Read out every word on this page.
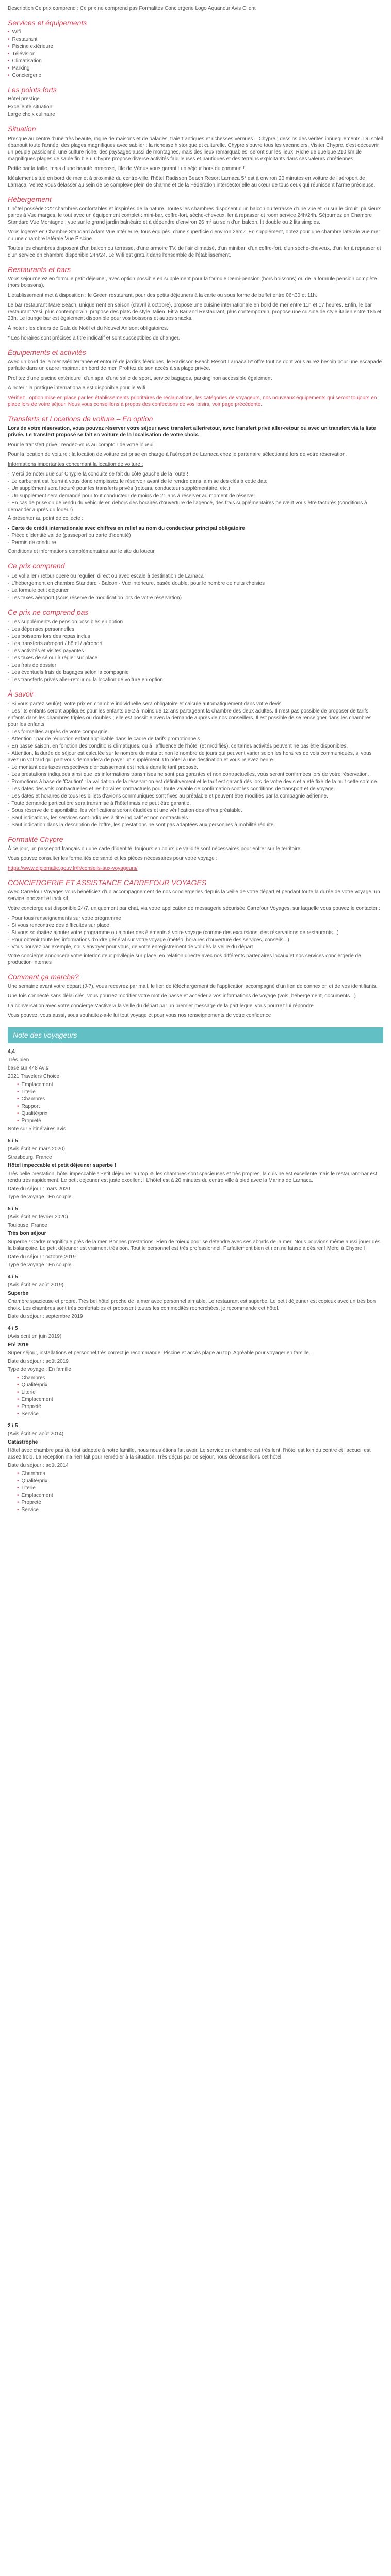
Description Ce prix comprend : Ce prix ne comprend pas Formalités Conciergerie Logo Aquaneur Avis Client

Services et équipements
• Wifi
• Restaurant
• Piscine extérieure
• Télévision
• Climatisation
• Parking
• Conciergerie
Les points forts

Hôtel prestige

Excellente situation

Large choix culinaire

Situation

Presque au centre d'une très beauté, rogne de maisons et de balades, traiert antiques et richesses vernues – Chypre ; dessins des vérités innuequements. Du soleil épanouit toute l'année, des plages magnifiques avec sablier : la richesse historique et culturelle. Chypre s'ouvre tous les vacanciers. Visiter Chypre, c'est découvrir un peuple passionné, une culture riche, des paysages aussi de montagnes, mais des lieux remarquables, seront sur les lieux. Riche de quelque 210 km de magnifiques plages de sable fin bleu, Chypre propose diverse activités fabuleuses et nautiques et des terrains exploitants dans ses valeurs chrétiennes.

Petite par la taille, mais d'une beauté immense, l'île de Vénus vous garantit un séjour hors du commun !

Idéalement situé en bord de mer et à proximité du centre-ville, l'hôtel Radisson Beach Resort Larnaca 5* est à environ 20 minutes en voiture de l'aéroport de Larnaca. Venez vous délasser au sein de ce complexe plein de charme et de la Fédération intersectorielle au cœur de tous ceux qui réunissent l'arme précieuse.

Hébergement

L'hôtel possède 222 chambres confortables et inspirées de la nature. Toutes les chambres disposent d'un balcon ou terrasse d'une vue et 7u sur le circuit, plusieurs paires à Vue marges, le tout avec un équipement complet : mini-bar, coffre-fort, sèche-cheveux, fer à repasser et room service 24h/24h. Séjournez en Chambre Standard Vue Montagne ; vue sur le grand jardin balnéaire et à dépendre d'environ 26 m² au sein d'un balcon, lit double ou 2 lits simples.

Vous logerez en Chambre Standard Adam Vue Intérieure, tous équipés, d'une superficie d'environ 26m2. En supplément, optez pour une chambre latérale vue mer ou une chambre latérale Vue Piscine.

Toutes les chambres disposent d'un balcon ou terrasse, d'une armoire TV, de l'air climatisé, d'un minibar, d'un coffre-fort, d'un sèche-cheveux, d'un fer à repasser et d'un service en chambre disponible 24h/24. Le Wifi est gratuit dans l'ensemble de l'établissement.

Restaurants et bars

Vous séjournerez en formule petit déjeuner, avec option possible en supplément pour la formule Demi-pension (hors boissons) ou de la formule pension complète (hors boissons).

L'établissement met à disposition : le Green restaurant, pour des petits déjeuners à la carte ou sous forme de buffet entre 06h30 et 11h.

Le bar restaurant Mare Beach, uniquement en saison (d'avril à octobre), propose une cuisine internationale en bord de mer entre 11h et 17 heures. Enfin, le bar restaurant Vesi, plus contemporain, propose des plats de style italien. Fitra Bar and Restaurant, plus contemporain, propose une cuisine de style italien entre 18h et 23h. Le lounge bar est également disponible pour vos boissons et autres snacks.

À noter : les dîners de Gala de Noël et du Nouvel An sont obligatoires.

* Les horaires sont précisés à titre indicatif et sont susceptibles de changer.

Équipements et activités

Avec un bord de la mer Méditerranée et entouré de jardins féériques, le Radisson Beach Resort Larnaca 5* offre tout ce dont vous aurez besoin pour une escapade parfaite dans un cadre inspirant en bord de mer. Profitez de son accès à sa plage privée.

Profitez d'une piscine extérieure, d'un spa, d'une salle de sport, service bagages, parking non accessible également

À noter : la pratique internationale est disponible pour le Wifi

Vérifiez : option mise en place par les établissements prioritaires de réclamations, les catégories de voyageurs, nos nouveaux équipements qui seront toujours en place lors de votre séjour. Nous vous conseillons à propos des confections de vos loisirs, voir page précédente.

Transferts et Locations de voiture – En option

Lors de votre réservation, vous pouvez réserver votre séjour avec transfert aller/retour, avec transfert privé aller-retour ou avec un transfert via la liste privée. Le transfert proposé se fait en voiture de la localisation de votre choix.

Pour le transfert privé : rendez-vous au comptoir de votre loueuil

Pour la location de voiture : la location de voiture est prise en charge à l'aéroport de Larnaca chez le partenaire sélectionné lors de votre réservation.

Informations importantes concernant la location de voiture :

- Merci de noter que sur Chypre la conduite se fait du côté gauche de la route !
- Le carburant est fourni à vous donc remplissez le réservoir avant de le rendre dans la mise des clés à cette date
- Un supplément sera facturé pour les transferts privés (retours, conducteur supplémentaire, etc.)
- Un supplément sera demandé pour tout conducteur de moins de 21 ans à réserver au moment de réserver.
- En cas de prise ou de rendu du véhicule en dehors des horaires d'ouverture de l'agence, des frais supplémentaires peuvent vous être facturés (conditions à demander auprès du loueur)

À présenter au point de collecte :

- Carte de crédit internationale avec chiffres en relief au nom du conducteur principal obligatoire
- Pièce d'identité valide (passeport ou carte d'identité)
- Permis de conduire

Conditions et informations complémentaires sur le site du loueur

Ce prix comprend
- Le vol aller / retour opéré ou regulier, direct ou avec escale à destination de Larnaca
- L'hébergement en chambre Standard - Balcon - Vue intérieure, basée double, pour le nombre de nuits choisies
- La formule petit déjeuner
- Les taxes aéroport (sous réserve de modification lors de votre réservation)
Ce prix ne comprend pas
- Les suppléments de pension possibles en option
- Les dépenses personnelles
- Les boissons lors des repas inclus
- Les transferts aéroport / hôtel / aéroport
- Les activités et visites payantes
- Les taxes de séjour à régler sur place
- Les frais de dossier
- Les éventuels frais de bagages selon la compagnie
- Les transferts privés aller-retour ou la location de voiture en option
À savoir
- Si vous partez seul(e), votre prix en chambre individuelle sera obligatoire et calculé automatiquement dans votre devis
- Les lits enfants seront appliqués pour les enfants de 2 à moins de 12 ans partageant la chambre des deux adultes. Il n'est pas possible de proposer de tarifs enfants dans les chambres triples ou doubles ; elle est possible avec la demande auprès de nos conseillers. Il est possible de se renseigner dans les chambres pour les enfants.
- Les formalités auprès de votre compagnie.
- Attention : par de réduction enfant applicable dans le cadre de tarifs promotionnels
- En basse saison, en fonction des conditions climatiques, ou à l'affluence de l'hôtel (et modifiés), certaines activités peuvent ne pas être disponibles.
- Attention, la durée de séjour est calculée sur le nombre de nuits et non le nombre de jours qui peuvent varier selon les horaires de vols communiqués, si vous avez un vol tard qui part vous demandera de payer un supplément. Un hôtel à une destination et vous relevez heure.
- Le montant des taxes respectives d'encaissement est inclus dans le tarif proposé.
- Les prestations indiquées ainsi que les informations transmises ne sont pas garantes et non contractuelles, vous seront confirmées lors de votre réservation.
- Promotions à base de 'Caution' : la validation de la réservation est définitivement et le tarif est garanti dès lors de votre devis et a été fixé de la nuit cette somme.
- Les dates des vols contractuelles et les horaires contractuels pour toute valable de confirmation sont les conditions de transport et de voyage.
- Les dates et horaires de tous les billets d'avions communiqués sont fixés au préalable et peuvent être modifiés par la compagnie aérienne.
- Toute demande particulière sera transmise à l'hôtel mais ne peut être garantie.
- Sous réserve de disponibilité, les vérifications seront étudiées et une vérification des offres préalable.
- Sauf indications, les services sont indiqués à titre indicatif et non contractuels.
- Sauf indication dans la description de l'offre, les prestations ne sont pas adaptées aux personnes à mobilité réduite
Formalité Chypre

À ce jour, un passeport français ou une carte d'identité, toujours en cours de validité sont nécessaires pour entrer sur le territoire.

Vous pouvez consulter les formalités de santé et les pièces nécessaires pour votre voyage :

https://www.diplomatie.gouv.fr/fr/conseils-aux-voyageurs/

CONCIERGERIE ET ASSISTANCE CARREFOUR VOYAGES

Avec Carrefour Voyages vous bénéficiez d'un accompagnement de nos conciergeries depuis la veille de votre départ et pendant toute la durée de votre voyage, un service innovant et inclusif.

Votre concierge est disponible 24/7, uniquement par chat, via votre application de messagerie sécurisée Carrefour Voyages, sur laquelle vous pouvez le contacter :

- Pour tous renseignements sur votre programme
- Si vous rencontrez des difficultés sur place
- Si vous souhaitez ajouter votre programme ou ajouter des éléments à votre voyage (comme des excursions, des réservations de restaurants...)
- Pour obtenir toute les informations d'ordre général sur votre voyage (météo, horaires d'ouverture des services, conseils...)
- Vous pouvez par exemple, nous envoyer pour vous, de votre enregistrement de vol dès la veille du départ

Votre concierge annoncera votre interlocuteur privilégié sur place, en relation directe avec nos différents partenaires locaux et nos services conciergerie de production internes

Comment ça marche?

Une semaine avant votre départ (J-7), vous recevrez par mail, le lien de téléchargement de l'application accompagné d'un lien de connexion et de vos identifiants.

Une fois connecté sans délai clés, vous pourrez modifier votre mot de passe et accéder à vos informations de voyage (vols, hébergement, documents...)

La conversation avec votre concierge s'activera la veille du départ par un premier message de la part lequel vous pourrez lui répondre

Vous pouvez, vous aussi, sous souhaitez-a-le lui tout voyage et pour vous nos renseignements de votre confidence

Note des voyageurs
4,4
Très bien
basé sur 448 Avis
2021 Travelers Choice
• Emplacement
• Literie
• Chambres
• Rapport
• Qualité/prix
• Propreté
Note sur 5 itinéraires avis
5 / 5
(Avis écrit en mars 2020)
Strasbourg, France
Hôtel impeccable et petit déjeuner superbe !
Très belle prestation, hôtel impeccable ! Petit déjeuner au top ☺ les chambres sont spacieuses et très propres, la cuisine est excellente mais le restaurant-bar est rendu très rapidement. Le petit déjeuner est juste excellent ! L'hôtel est à 20 minutes du centre ville à pied avec la Marina de Larnaca.
Date du séjour : mars 2020
Type de voyage : En couple
5 / 5
(Avis écrit en février 2020)
Toulouse, France
Très bon séjour
Superbe ! Cadre magnifique près de la mer. Bonnes prestations. Rien de mieux pour se détendre avec ses abords de la mer. Nous pouvions même aussi jouer dès la balançoire. Le petit déjeuner est vraiment très bon. Tout le personnel est très professionnel. Parfaitement bien et rien ne laisse à désirer ! Merci à Chypre !
Date du séjour : octobre 2019
Type de voyage : En couple
4 / 5
(Avis écrit en août 2019)
Superbe
Chambre spacieuse et propre. Très bel hôtel proche de la mer avec personnel aimable. Le restaurant est superbe. Le petit déjeuner est copieux avec un très bon choix. Les chambres sont très confortables et proposent toutes les commodités recherchées, je recommande cet hôtel.
Date du séjour : septembre 2019
4 / 5
(Avis écrit en juin 2019)
Été 2019
Super séjour, installations et personnel très correct je recommande. Piscine et accès plage au top. Agréable pour voyager en famille.
Date du séjour : août 2019
Type de voyage : En famille
• Chambres
• Qualité/prix
• Literie
• Emplacement
• Propreté
• Service
2 / 5
(Avis écrit en août 2014)
Catastrophe
Hôtel avec chambre pas du tout adaptée à notre famille, nous nous étions fait avoir. Le service en chambre est très lent, l'hôtel est loin du centre et l'accueil est assez froid. La réception n'a rien fait pour remédier à la situation. Très déçus par ce séjour, nous déconseillons cet hôtel.
Date du séjour : août 2014
• Chambres
• Qualité/prix
• Literie
• Emplacement
• Propreté
• Service
